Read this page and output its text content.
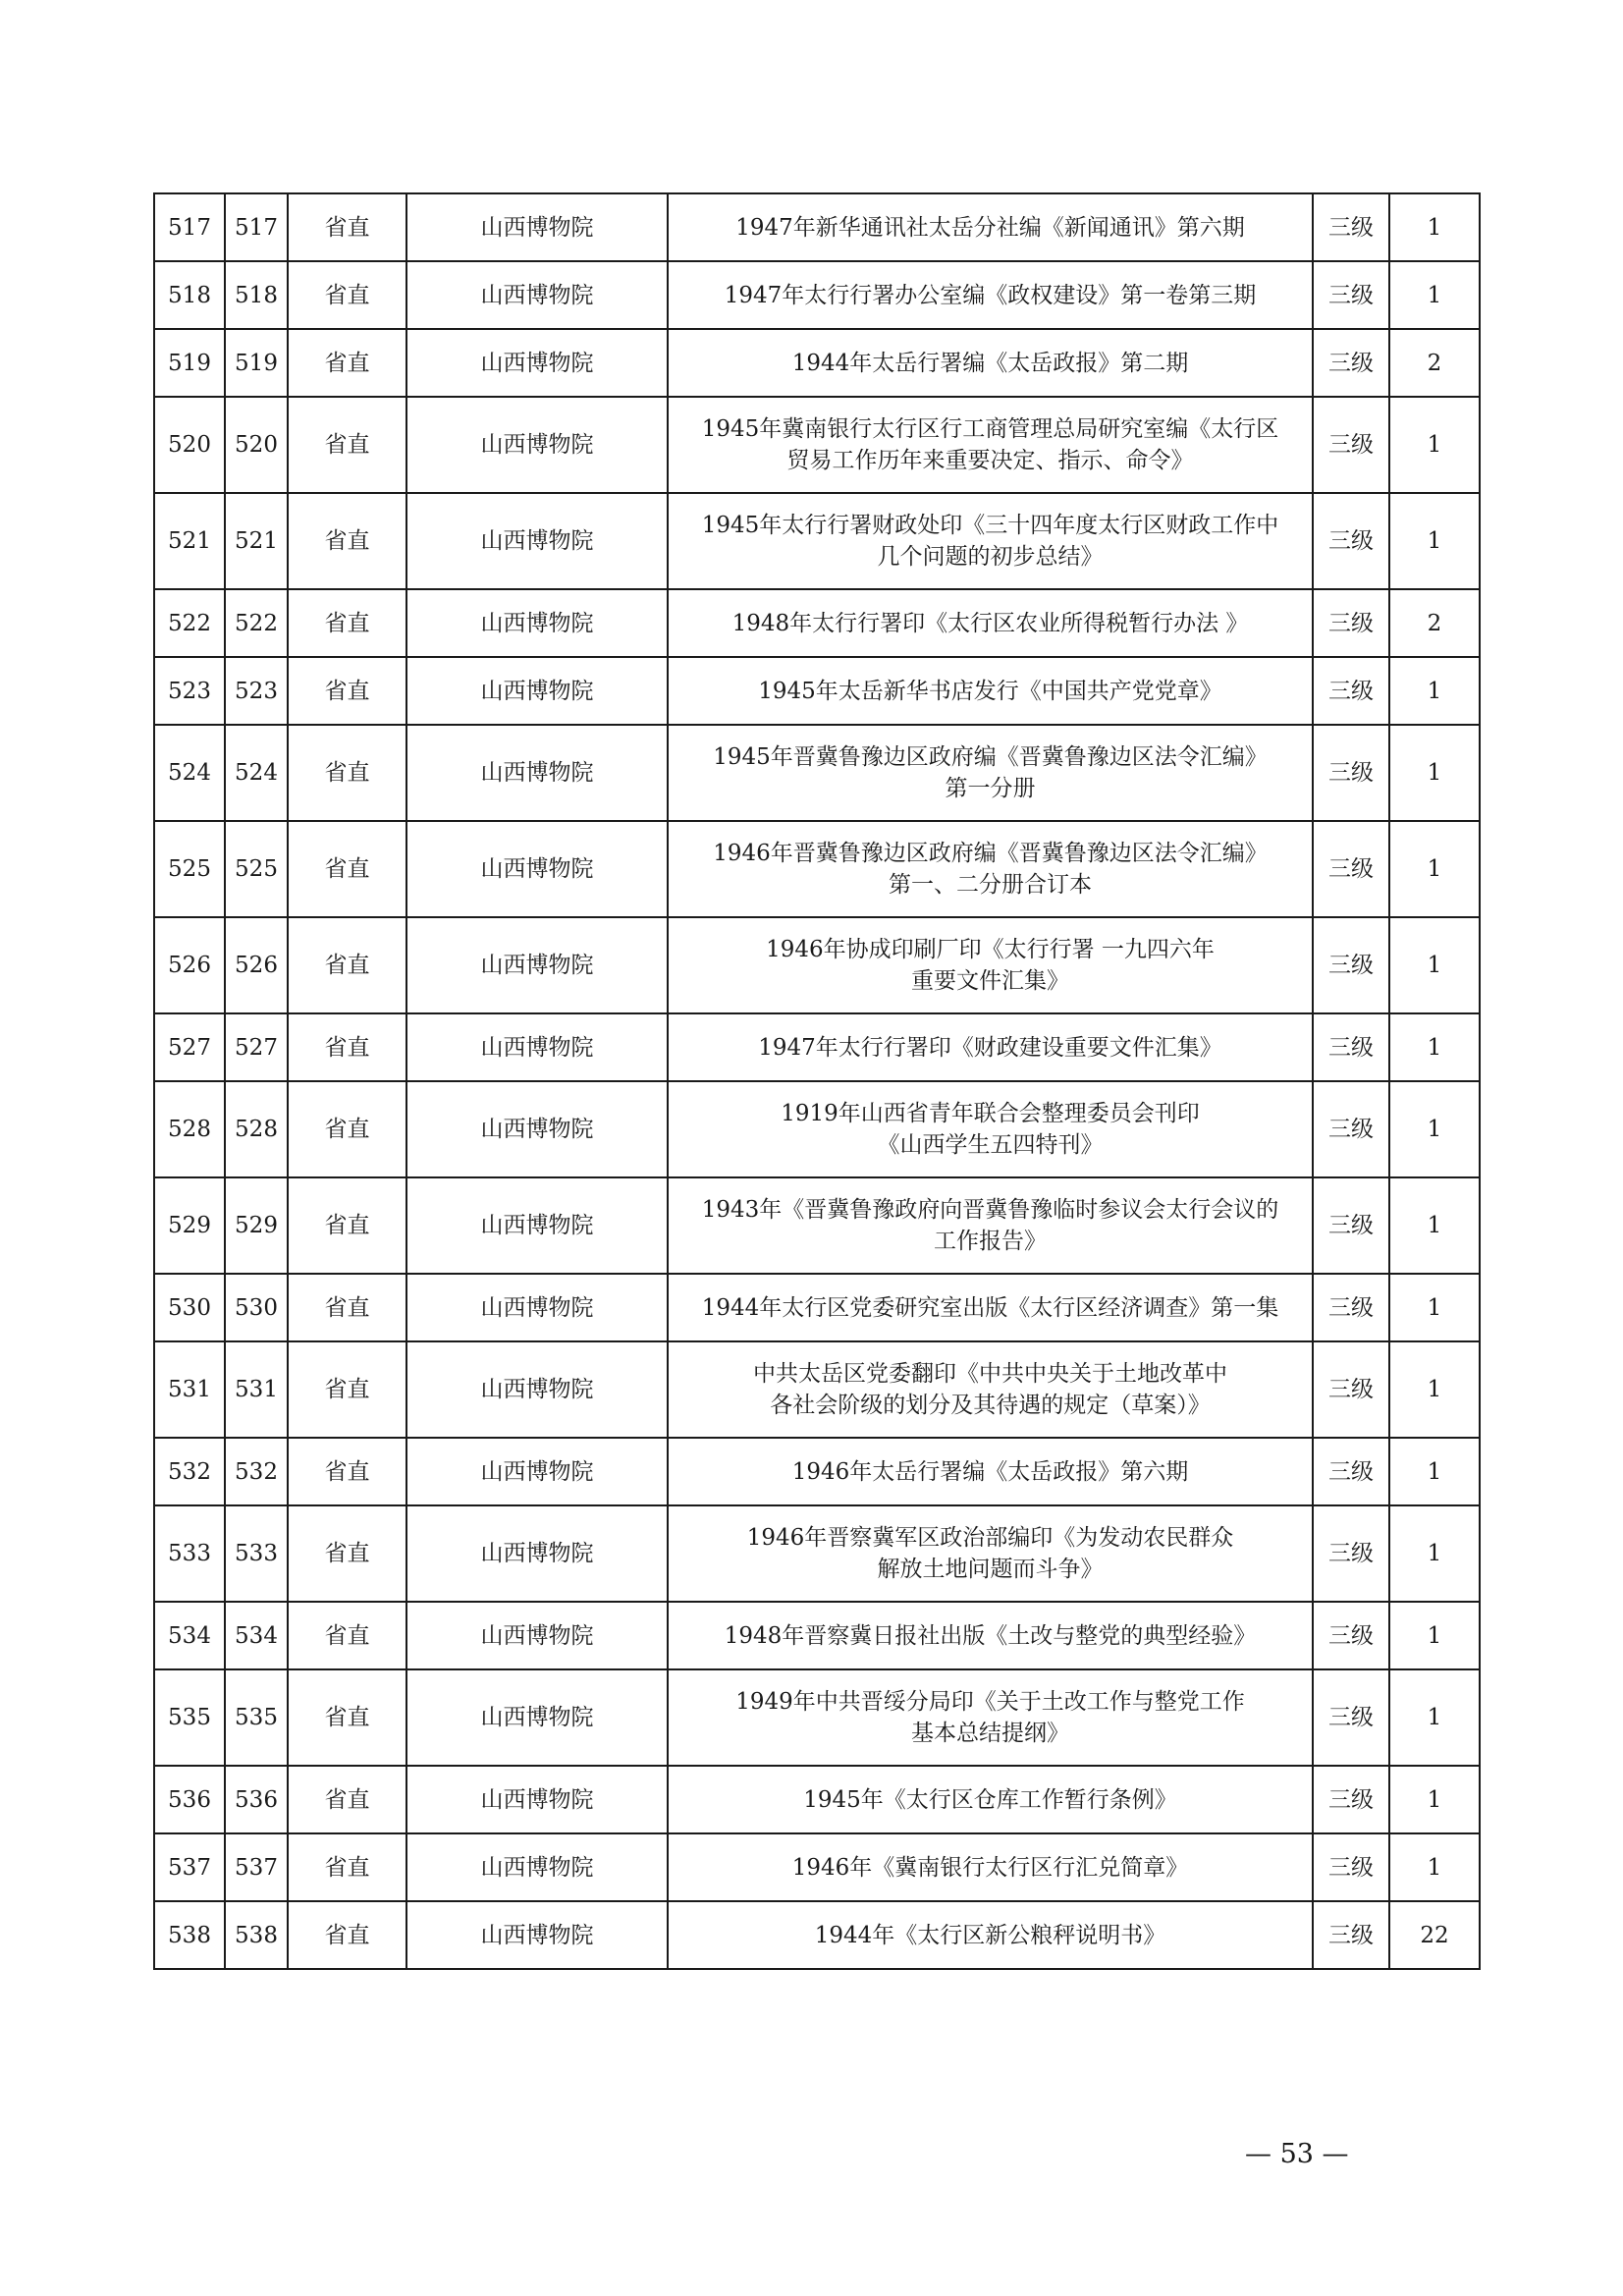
517	517	省直	山西博物院	1947年新华通讯社太岳分社编《新闻通讯》第六期	三级	1
518	518	省直	山西博物院	1947年太行行署办公室编《政权建设》第一卷第三期	三级	1
519	519	省直	山西博物院	1944年太岳行署编《太岳政报》第二期	三级	2
520	520	省直	山西博物院	1945年冀南银行太行区行工商管理总局研究室编《太行区
贸易工作历年来重要决定、指示、命令》	三级	1
521	521	省直	山西博物院	1945年太行行署财政处印《三十四年度太行区财政工作中
几个问题的初步总结》	三级	1
522	522	省直	山西博物院	1948年太行行署印《太行区农业所得税暂行办法 》	三级	2
523	523	省直	山西博物院	1945年太岳新华书店发行《中国共产党党章》	三级	1
524	524	省直	山西博物院	1945年晋冀鲁豫边区政府编《晋冀鲁豫边区法令汇编》
第一分册	三级	1
525	525	省直	山西博物院	1946年晋冀鲁豫边区政府编《晋冀鲁豫边区法令汇编》
第一、二分册合订本	三级	1
526	526	省直	山西博物院	1946年协成印刷厂印《太行行署 一九四六年
重要文件汇集》	三级	1
527	527	省直	山西博物院	1947年太行行署印《财政建设重要文件汇集》	三级	1
528	528	省直	山西博物院	1919年山西省青年联合会整理委员会刊印
《山西学生五四特刊》	三级	1
529	529	省直	山西博物院	1943年《晋冀鲁豫政府向晋冀鲁豫临时参议会太行会议的
工作报告》	三级	1
530	530	省直	山西博物院	1944年太行区党委研究室出版《太行区经济调查》第一集	三级	1
531	531	省直	山西博物院	中共太岳区党委翻印《中共中央关于土地改革中
各社会阶级的划分及其待遇的规定（草案）》	三级	1
532	532	省直	山西博物院	1946年太岳行署编《太岳政报》第六期	三级	1
533	533	省直	山西博物院	1946年晋察冀军区政治部编印《为发动农民群众
解放土地问题而斗争》	三级	1
534	534	省直	山西博物院	1948年晋察冀日报社出版《土改与整党的典型经验》	三级	1
535	535	省直	山西博物院	1949年中共晋绥分局印《关于土改工作与整党工作
基本总结提纲》	三级	1
536	536	省直	山西博物院	1945年《太行区仓库工作暂行条例》	三级	1
537	537	省直	山西博物院	1946年《冀南银行太行区行汇兑简章》	三级	1
538	538	省直	山西博物院	1944年《太行区新公粮秤说明书》	三级	22
— 53 —
